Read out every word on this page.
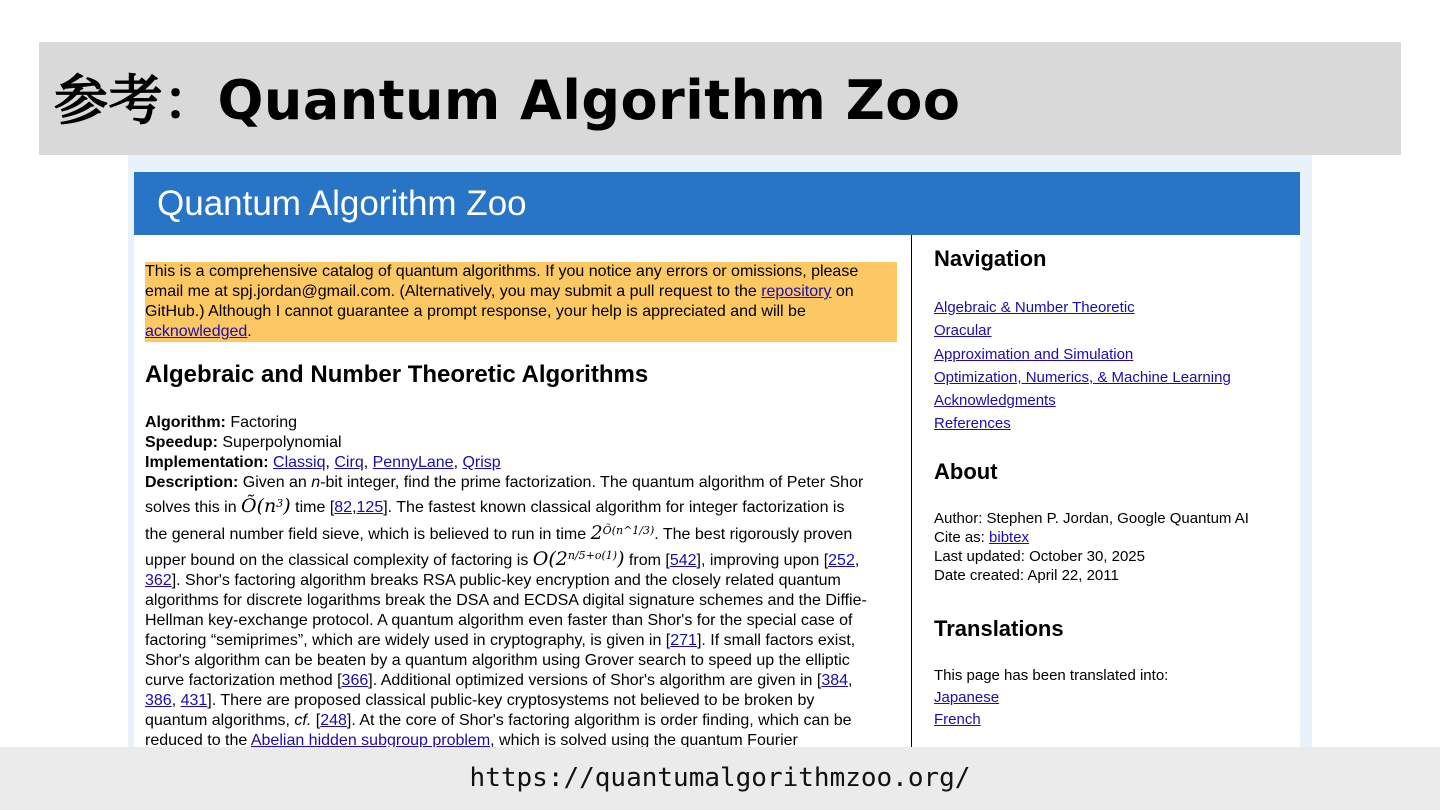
参考：Quantum Algorithm Zoo
Quantum Algorithm Zoo
This is a comprehensive catalog of quantum algorithms. If you notice any errors or omissions, please
email me at spj.jordan@gmail.com. (Alternatively, you may submit a pull request to the repository on
GitHub.) Although I cannot guarantee a prompt response, your help is appreciated and will be
acknowledged.
Algebraic and Number Theoretic Algorithms
Algorithm: Factoring
Speedup: Superpolynomial
Implementation: Classiq, Cirq, PennyLane, Qrisp
Description: Given an n-bit integer, find the prime factorization. The quantum algorithm of Peter Shor
solves this in $Õ(n^3)$ time [82,125]. The fastest known classical algorithm for integer factorization is
the general number field sieve, which is believed to run in time $2^{Õ(n\^{}1/3)}$. The best rigorously proven
upper bound on the classical complexity of factoring is $O(2^{n/5+o(1)})$ from [542], improving upon [252,
362]. Shor's factoring algorithm breaks RSA public-key encryption and the closely related quantum
algorithms for discrete logarithms break the DSA and ECDSA digital signature schemes and the Diffie-
Hellman key-exchange protocol. A quantum algorithm even faster than Shor's for the special case of
factoring “semiprimes”, which are widely used in cryptography, is given in [271]. If small factors exist,
Shor's algorithm can be beaten by a quantum algorithm using Grover search to speed up the elliptic
curve factorization method [366]. Additional optimized versions of Shor's algorithm are given in [384,
386, 431]. There are proposed classical public-key cryptosystems not believed to be broken by
quantum algorithms, cf. [248]. At the core of Shor's factoring algorithm is order finding, which can be
reduced to the Abelian hidden subgroup problem, which is solved using the quantum Fourier
Navigation
Algebraic & Number Theoretic
Oracular
Approximation and Simulation
Optimization, Numerics, & Machine Learning
Acknowledgments
References
About
Author: Stephen P. Jordan, Google Quantum AI
Cite as: bibtex
Last updated: October 30, 2025
Date created: April 22, 2011
Translations
This page has been translated into:
Japanese
French
https://quantumalgorithmzoo.org/
